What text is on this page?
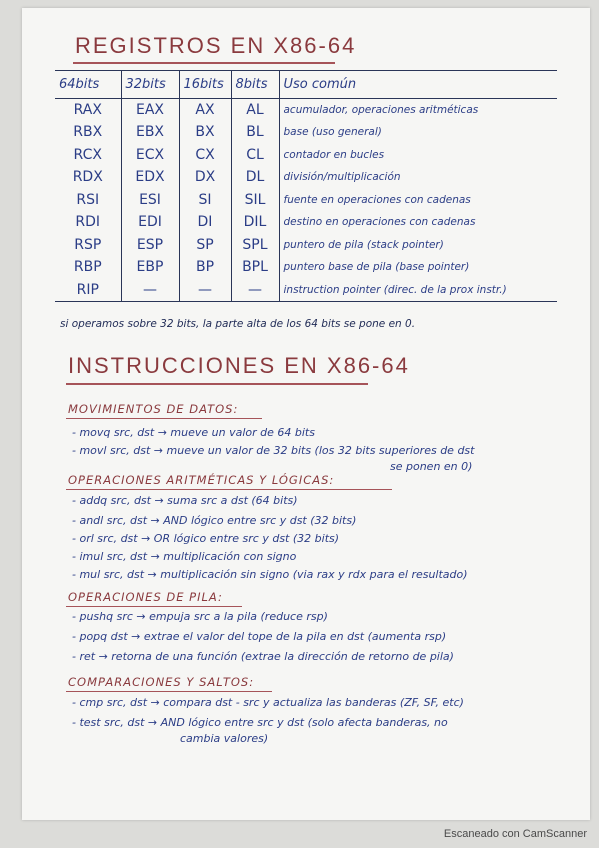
REGISTROS EN X86-64
64bits	32bits	16bits	8bits	Uso común
RAX	EAX	AX	AL	acumulador, operaciones aritméticas
RBX	EBX	BX	BL	base (uso general)
RCX	ECX	CX	CL	contador en bucles
RDX	EDX	DX	DL	división/multiplicación
RSI	ESI	SI	SIL	fuente en operaciones con cadenas
RDI	EDI	DI	DIL	destino en operaciones con cadenas
RSP	ESP	SP	SPL	puntero de pila (stack pointer)
RBP	EBP	BP	BPL	puntero base de pila (base pointer)
RIP	—	—	—	instruction pointer (direc. de la prox instr.)
si operamos sobre 32 bits, la parte alta de los 64 bits se pone en 0.
INSTRUCCIONES EN X86-64
MOVIMIENTOS DE DATOS:
- movq src, dst → mueve un valor de 64 bits
- movl src, dst → mueve un valor de 32 bits (los 32 bits superiores de dst
se ponen en 0)
OPERACIONES ARITMÉTICAS Y LÓGICAS:
- addq src, dst → suma src a dst (64 bits)
- andl src, dst → AND lógico entre src y dst (32 bits)
- orl src, dst → OR lógico entre src y dst (32 bits)
- imul src, dst → multiplicación con signo
- mul src, dst → multiplicación sin signo (via rax y rdx para el resultado)
OPERACIONES DE PILA:
- pushq src → empuja src a la pila (reduce rsp)
- popq dst → extrae el valor del tope de la pila en dst (aumenta rsp)
- ret → retorna de una función (extrae la dirección de retorno de pila)
COMPARACIONES Y SALTOS:
- cmp src, dst → compara dst - src y actualiza las banderas (ZF, SF, etc)
- test src, dst → AND lógico entre src y dst (solo afecta banderas, no
cambia valores)
Escaneado con CamScanner
